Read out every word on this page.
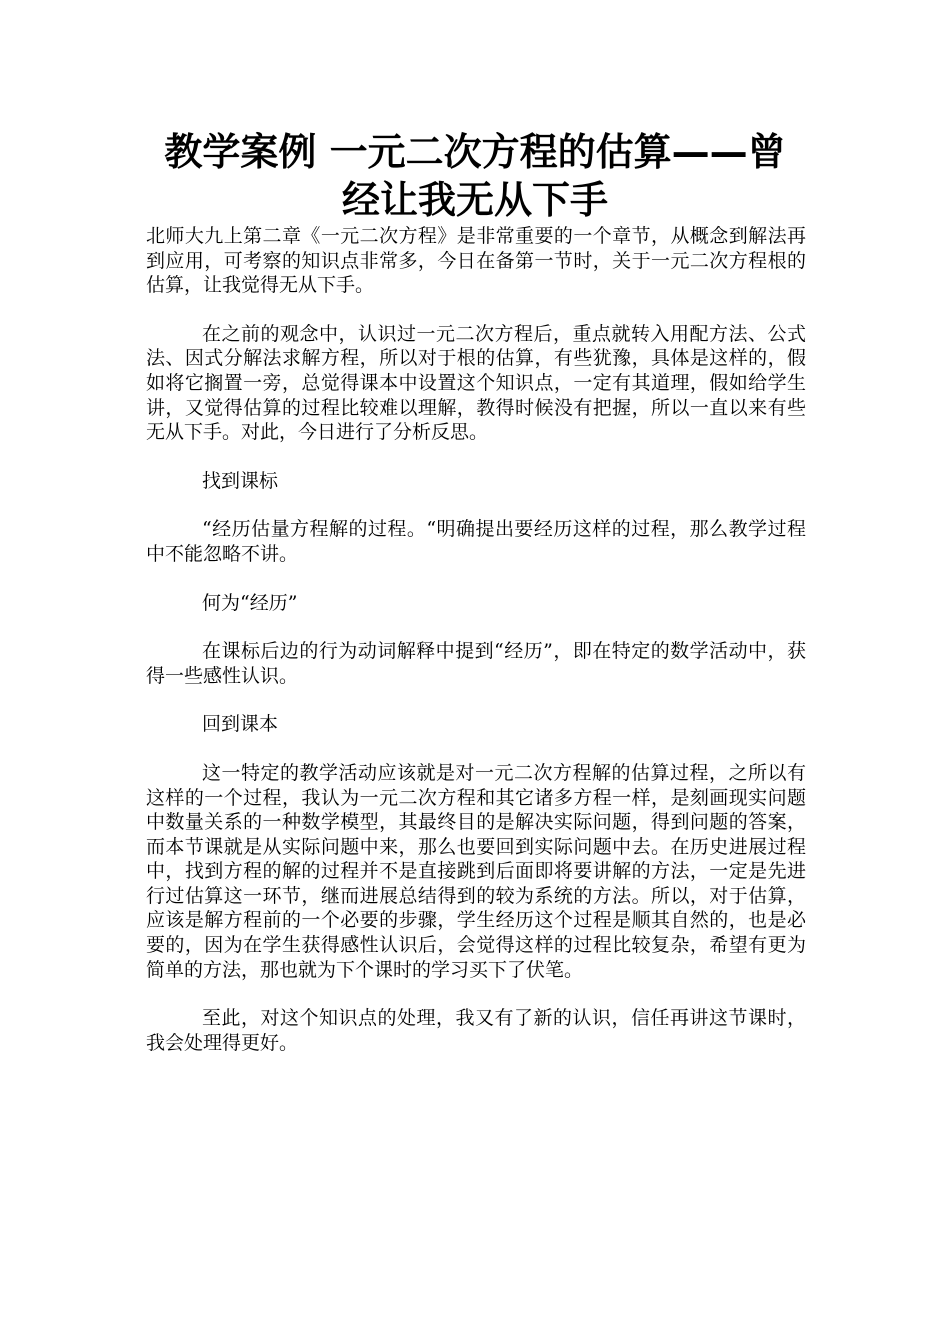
教学案例 一元二次方程的估算——曾
经让我无从下手

北师大九上第二章《一元二次方程》是非常重要的一个章节，从概念到解法再到应用，可考察的知识点非常多，今日在备第一节时，关于一元二次方程根的估算，让我觉得无从下手。

在之前的观念中，认识过一元二次方程后，重点就转入用配方法、公式法、因式分解法求解方程，所以对于根的估算，有些犹豫，具体是这样的，假如将它搁置一旁，总觉得课本中设置这个知识点，一定有其道理，假如给学生讲，又觉得估算的过程比较难以理解，教得时候没有把握，所以一直以来有些无从下手。对此，今日进行了分析反思。

找到课标

“经历估量方程解的过程。“明确提出要经历这样的过程，那么教学过程中不能忽略不讲。

何为“经历”

在课标后边的行为动词解释中提到“经历”，即在特定的数学活动中，获得一些感性认识。

回到课本

这一特定的教学活动应该就是对一元二次方程解的估算过程，之所以有这样的一个过程，我认为一元二次方程和其它诸多方程一样，是刻画现实问题中数量关系的一种数学模型，其最终目的是解决实际问题，得到问题的答案，而本节课就是从实际问题中来，那么也要回到实际问题中去。在历史进展过程中，找到方程的解的过程并不是直接跳到后面即将要讲解的方法，一定是先进行过估算这一环节，继而进展总结得到的较为系统的方法。所以，对于估算，应该是解方程前的一个必要的步骤，学生经历这个过程是顺其自然的，也是必要的，因为在学生获得感性认识后，会觉得这样的过程比较复杂，希望有更为简单的方法，那也就为下个课时的学习买下了伏笔。

至此，对这个知识点的处理，我又有了新的认识，信任再讲这节课时，我会处理得更好。
